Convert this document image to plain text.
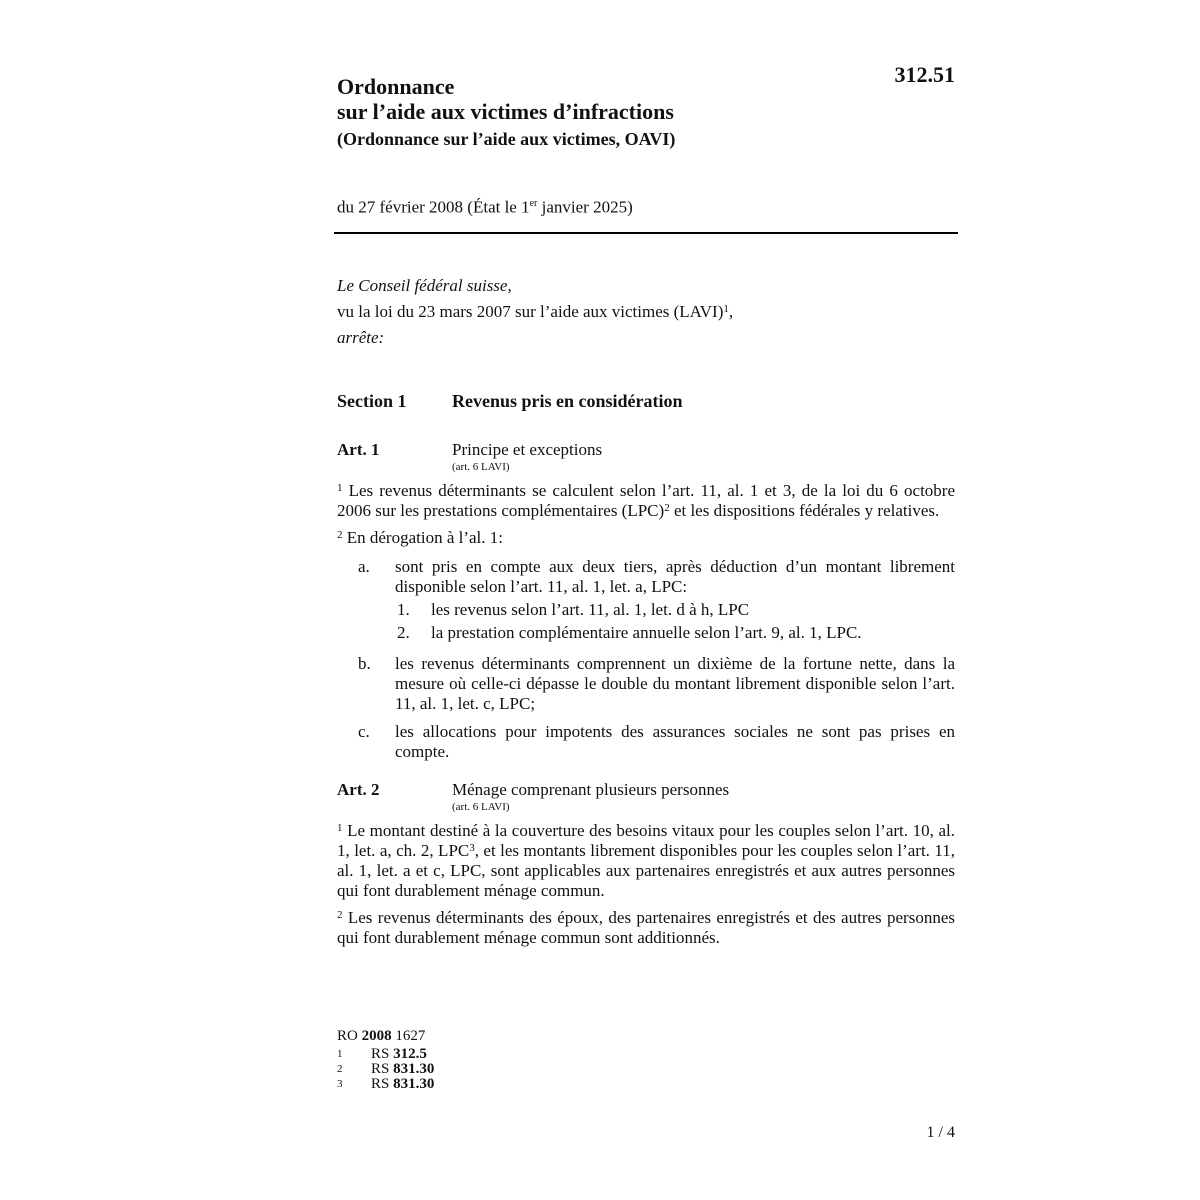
312.51
Ordonnance
sur l’aide aux victimes d’infractions
(Ordonnance sur l’aide aux victimes, OAVI)
du 27 février 2008 (État le 1er janvier 2025)
Le Conseil fédéral suisse,
vu la loi du 23 mars 2007 sur l’aide aux victimes (LAVI)$^1$,
arrête:
Section 1	Revenus pris en considération
Art. 1	Principe et exceptions
(art. 6 LAVI)
$^1$ Les revenus déterminants se calculent selon l’art. 11, al. 1 et 3, de la loi du 6 octobre 2006 sur les prestations complémentaires (LPC)$^2$ et les dispositions fédérales y relatives.
$^2$ En dérogation à l’al. 1:
a.	sont pris en compte aux deux tiers, après déduction d’un montant librement disponible selon l’art. 11, al. 1, let. a, LPC:
1.	les revenus selon l’art. 11, al. 1, let. d à h, LPC
2.	la prestation complémentaire annuelle selon l’art. 9, al. 1, LPC.
b.	les revenus déterminants comprennent un dixième de la fortune nette, dans la mesure où celle-ci dépasse le double du montant librement disponible selon l’art. 11, al. 1, let. c, LPC;
c.	les allocations pour impotents des assurances sociales ne sont pas prises en compte.
Art. 2	Ménage comprenant plusieurs personnes
(art. 6 LAVI)
$^1$ Le montant destiné à la couverture des besoins vitaux pour les couples selon l’art. 10, al. 1, let. a, ch. 2, LPC$^3$, et les montants librement disponibles pour les couples selon l’art. 11, al. 1, let. a et c, LPC, sont applicables aux partenaires enregistrés et aux autres personnes qui font durablement ménage commun.
$^2$ Les revenus déterminants des époux, des partenaires enregistrés et des autres personnes qui font durablement ménage commun sont additionnés.
RO 2008 1627
1	RS 312.5
2	RS 831.30
3	RS 831.30
1 / 4
